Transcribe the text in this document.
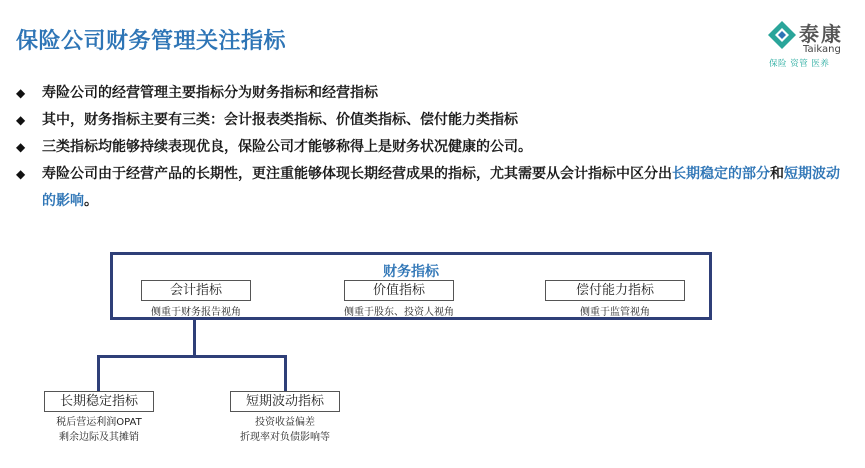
保险公司财务管理关注指标	泰康
Taikang
保险 资管 医养
◆ 寿险公司的经营管理主要指标分为财务指标和经营指标
◆ 其中，财务指标主要有三类：会计报表类指标、价值类指标、偿付能力类指标
◆ 三类指标均能够持续表现优良，保险公司才能够称得上是财务状况健康的公司。
◆ 寿险公司由于经营产品的长期性，更注重能够体现长期经营成果的指标，尤其需要从会计指标中区分出长期稳定的部分和短期波动的影响。
财务指标
会计指标
侧重于财务报告视角
价值指标
侧重于股东、投资人视角
偿付能力指标
侧重于监管视角
长期稳定指标
税后营运利润OPAT
剩余边际及其摊销
短期波动指标
投资收益偏差
折现率对负债影响等
